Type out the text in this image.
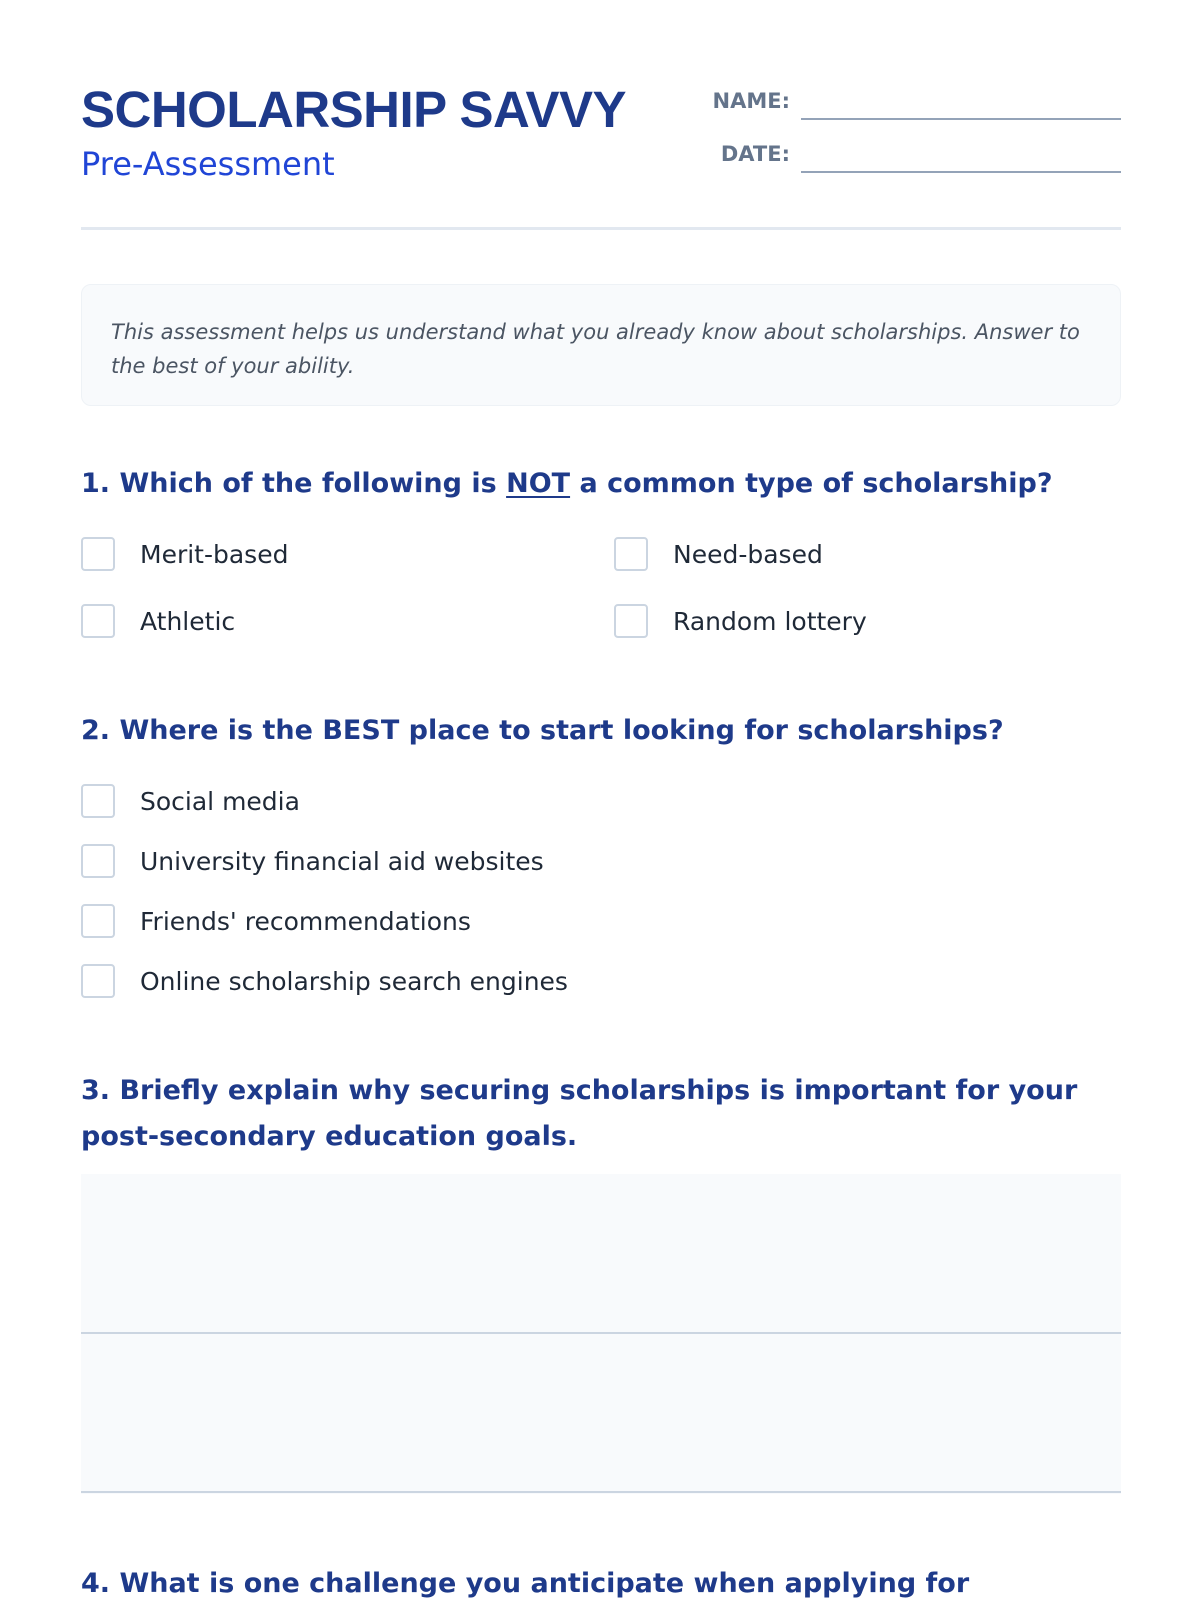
SCHOLARSHIP SAVVY
Pre-Assessment
NAME:
DATE:
This assessment helps us understand what you already know about scholarships. Answer to the best of your ability.
1. Which of the following is NOT a common type of scholarship?
Merit-based	Need-based
Athletic	Random lottery
2. Where is the BEST place to start looking for scholarships?
Social media
University financial aid websites
Friends' recommendations
Online scholarship search engines
3. Briefly explain why securing scholarships is important for your post-secondary education goals.
4. What is one challenge you anticipate when applying for
